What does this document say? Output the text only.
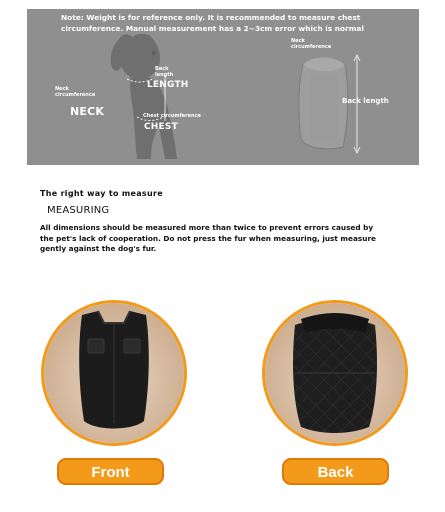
Note: Weight is for reference only. It is recommended to measure chest
circumference. Manual measurement has a 2~3cm error which is normal
Neck
circumference
NECK
Back
length
LENGTH
Chest circumference
CHEST
Neck
circumference
Back length
The right way to measure
MEASURING
All dimensions should be measured more than twice to prevent errors caused by
the pet's lack of cooperation. Do not press the fur when measuring, just measure
gently against the dog's fur.
Front	Back
